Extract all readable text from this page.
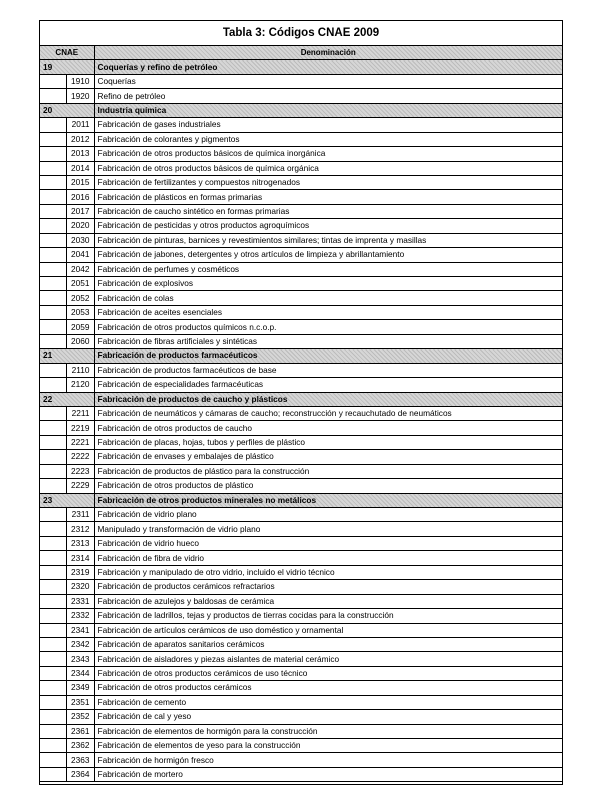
Tabla 3: Códigos CNAE 2009
CNAE		Denominación
19		Coquerías y refino de petróleo
	1910	Coquerías
	1920	Refino de petróleo
20		Industria química
	2011	Fabricación de gases industriales
	2012	Fabricación de colorantes y pigmentos
	2013	Fabricación de otros productos básicos de química inorgánica
	2014	Fabricación de otros productos básicos de química orgánica
	2015	Fabricación de fertilizantes y compuestos nitrogenados
	2016	Fabricación de plásticos en formas primarias
	2017	Fabricación de caucho sintético en formas primarias
	2020	Fabricación de pesticidas y otros productos agroquímicos
	2030	Fabricación de pinturas, barnices y revestimientos similares; tintas de imprenta y masillas
	2041	Fabricación de jabones, detergentes y otros artículos de limpieza y abrillantamiento
	2042	Fabricación de perfumes y cosméticos
	2051	Fabricación de explosivos
	2052	Fabricación de colas
	2053	Fabricación de aceites esenciales
	2059	Fabricación de otros productos químicos n.c.o.p.
	2060	Fabricación de fibras artificiales y sintéticas
21		Fabricación de productos farmacéuticos
	2110	Fabricación de productos farmacéuticos de base
	2120	Fabricación de especialidades farmacéuticas
22		Fabricación de productos de caucho y plásticos
	2211	Fabricación de neumáticos y cámaras de caucho; reconstrucción y recauchutado de neumáticos
	2219	Fabricación de otros productos de caucho
	2221	Fabricación de placas, hojas, tubos y perfiles de plástico
	2222	Fabricación de envases y embalajes de plástico
	2223	Fabricación de productos de plástico para la construcción
	2229	Fabricación de otros productos de plástico
23		Fabricación de otros productos minerales no metálicos
	2311	Fabricación de vidrio plano
	2312	Manipulado y transformación de vidrio plano
	2313	Fabricación de vidrio hueco
	2314	Fabricación de fibra de vidrio
	2319	Fabricación y manipulado de otro vidrio, incluido el vidrio técnico
	2320	Fabricación de productos cerámicos refractarios
	2331	Fabricación de azulejos y baldosas de cerámica
	2332	Fabricación de ladrillos, tejas y productos de tierras cocidas para la construcción
	2341	Fabricación de artículos cerámicos de uso doméstico y ornamental
	2342	Fabricación de aparatos sanitarios cerámicos
	2343	Fabricación de aisladores y piezas aislantes de material cerámico
	2344	Fabricación de otros productos cerámicos de uso técnico
	2349	Fabricación de otros productos cerámicos
	2351	Fabricación de cemento
	2352	Fabricación de cal y yeso
	2361	Fabricación de elementos de hormigón para la construcción
	2362	Fabricación de elementos de yeso para la construcción
	2363	Fabricación de hormigón fresco
	2364	Fabricación de mortero
